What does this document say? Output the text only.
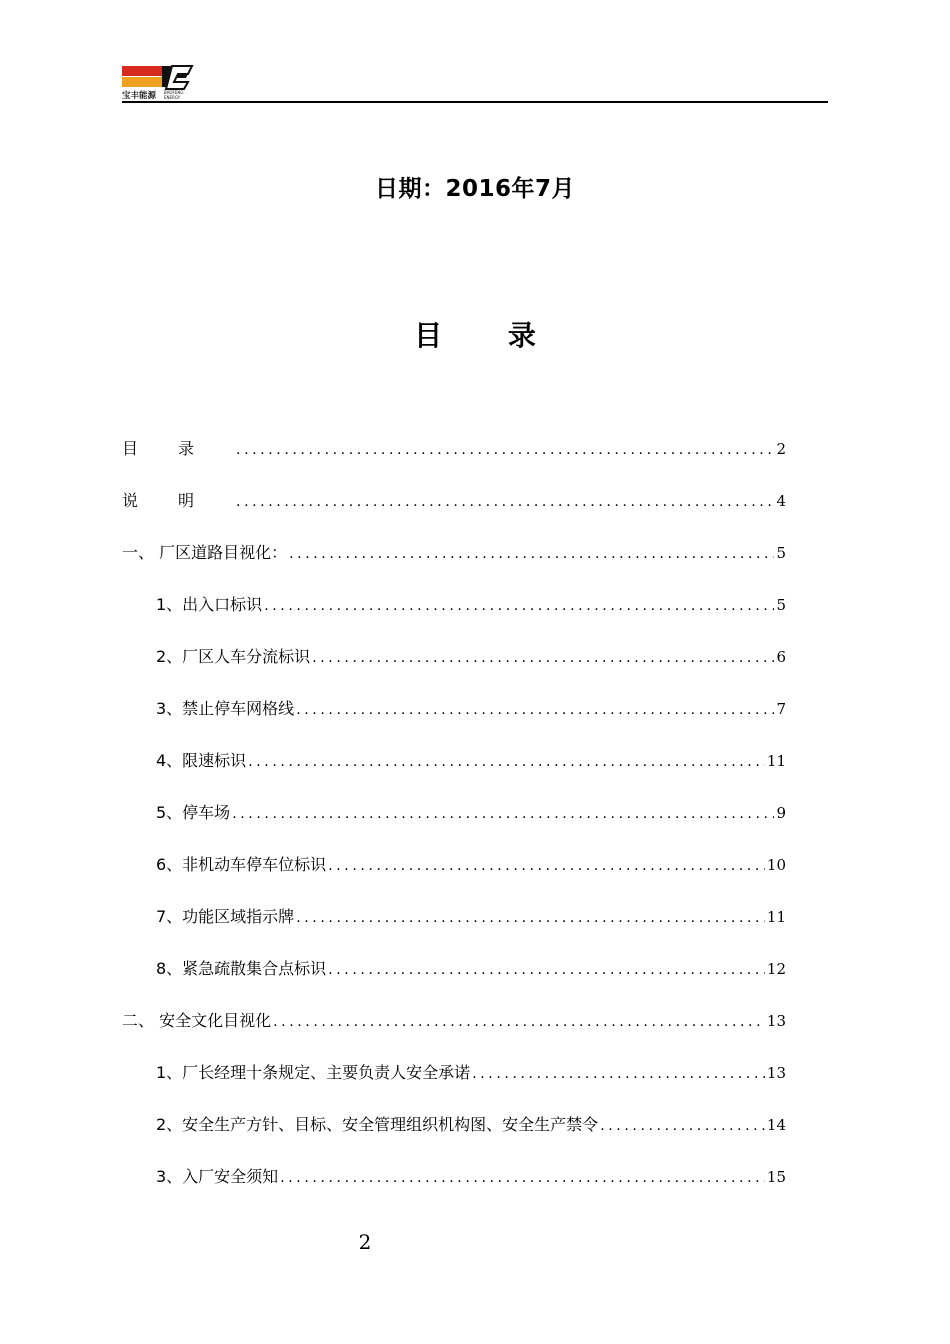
宝丰能源 BAOFENG
ENERGY
日期：2016年7月
目 录
目录 .....	2
说明 .....	4
一、 厂区道路目视化： .....	5
1、出入口标识 .....	5
2、厂区人车分流标识 .....	6
3、禁止停车网格线 .....	7
4、限速标识 .....	11
5、停车场 .....	9
6、非机动车停车位标识 .....	10
7、功能区域指示牌 .....	11
8、紧急疏散集合点标识 .....	12
二、 安全文化目视化 .....	13
1、厂长经理十条规定、主要负责人安全承诺 .....	13
2、安全生产方针、目标、安全管理组织机构图、安全生产禁令 .....	14
3、入厂安全须知 .....	15
2
